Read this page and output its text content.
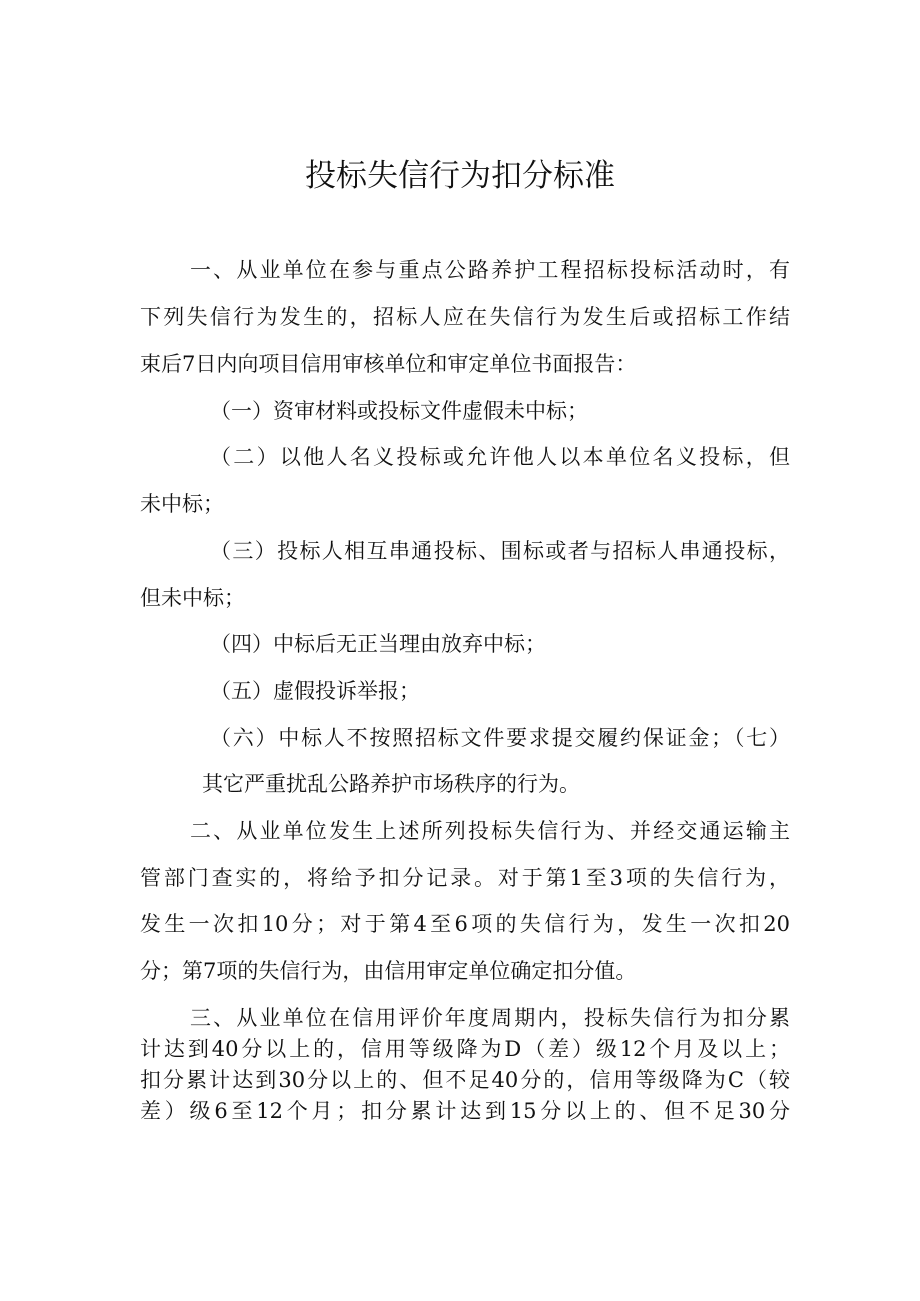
投标失信行为扣分标准
一、从业单位在参与重点公路养护工程招标投标活动时，有
下列失信行为发生的，招标人应在失信行为发生后或招标工作结
束后7日内向项目信用审核单位和审定单位书面报告：
（一）资审材料或投标文件虚假未中标；
（二）以他人名义投标或允许他人以本单位名义投标，但
未中标；
（三）投标人相互串通投标、围标或者与招标人串通投标，
但未中标；
（四）中标后无正当理由放弃中标；
（五）虚假投诉举报；
（六）中标人不按照招标文件要求提交履约保证金；（七）
其它严重扰乱公路养护市场秩序的行为。
二、从业单位发生上述所列投标失信行为、并经交通运输主
管部门查实的，将给予扣分记录。对于第1至3项的失信行为，
发生一次扣10分；对于第4至6项的失信行为，发生一次扣20
分；第7项的失信行为，由信用审定单位确定扣分值。
三、从业单位在信用评价年度周期内，投标失信行为扣分累
计达到40分以上的，信用等级降为D（差）级12个月及以上；
扣分累计达到30分以上的、但不足40分的，信用等级降为C（较
差）级6至12个月；扣分累计达到15分以上的、但不足30分
